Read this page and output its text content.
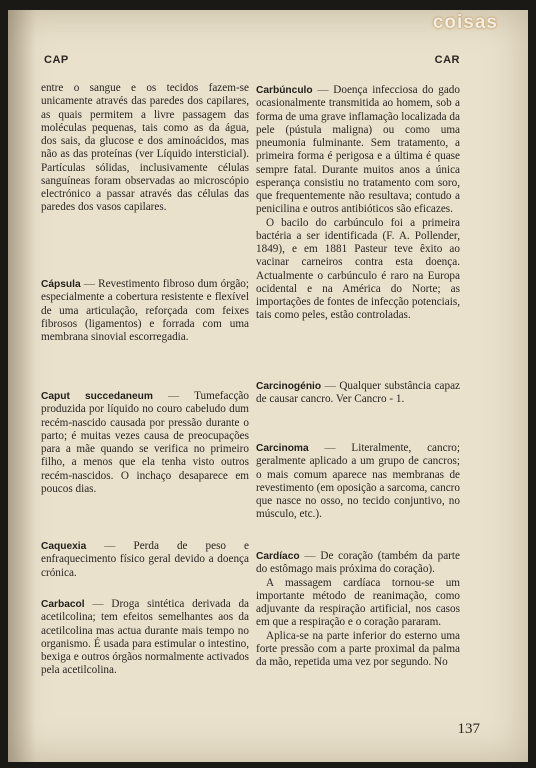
coisas
CAP	CAR

entre o sangue e os tecidos fazem-se unicamente através das paredes dos capilares, as quais permitem a livre passagem das moléculas pequenas, tais como as da água, dos sais, da glucose e dos aminoácidos, mas não as das proteínas (ver Líquido intersticial). Partículas sólidas, inclusivamente células sanguíneas foram observadas ao microscópio electrónico a passar através das células das paredes dos vasos capilares.

Cápsula — Revestimento fibroso dum órgão; especialmente a cobertura resistente e flexível de uma articulação, reforçada com feixes fibrosos (ligamentos) e forrada com uma membrana sinovial escorregadia.

Caput succedaneum — Tumefacção produzida por líquido no couro cabeludo dum recém-nascido causada por pressão durante o parto; é muitas vezes causa de preocupações para a mãe quando se verifica no primeiro filho, a menos que ela tenha visto outros recém-nascidos. O inchaço desaparece em poucos dias.

Caquexia — Perda de peso e enfraquecimento físico geral devido a doença crónica.

Carbacol — Droga sintética derivada da acetilcolina; tem efeitos semelhantes aos da acetilcolina mas actua durante mais tempo no organismo. É usada para estimular o intestino, bexiga e outros órgãos normalmente activados pela acetilcolina.

Carbúnculo — Doença infecciosa do gado ocasionalmente transmitida ao homem, sob a forma de uma grave inflamação localizada da pele (pústula maligna) ou como uma pneumonia fulminante. Sem tratamento, a primeira forma é perigosa e a última é quase sempre fatal. Durante muitos anos a única esperança consistiu no tratamento com soro, que frequentemente não resultava; contudo a penicilina e outros antibióticos são eficazes.

O bacilo do carbúnculo foi a primeira bactéria a ser identificada (F. A. Pollender, 1849), e em 1881 Pasteur teve êxito ao vacinar carneiros contra esta doença. Actualmente o carbúnculo é raro na Europa ocidental e na América do Norte; as importações de fontes de infecção potenciais, tais como peles, estão controladas.

Carcinogénio — Qualquer substância capaz de causar cancro. Ver Cancro - 1.

Carcinoma — Literalmente, cancro; geralmente aplicado a um grupo de cancros; o mais comum aparece nas membranas de revestimento (em oposição a sarcoma, cancro que nasce no osso, no tecido conjuntivo, no músculo, etc.).

Cardíaco — De coração (também da parte do estômago mais próxima do coração).

A massagem cardíaca tornou-se um importante método de reanimação, como adjuvante da respiração artificial, nos casos em que a respiração e o coração pararam.

Aplica-se na parte inferior do esterno uma forte pressão com a parte proximal da palma da mão, repetida uma vez por segundo. No

137
